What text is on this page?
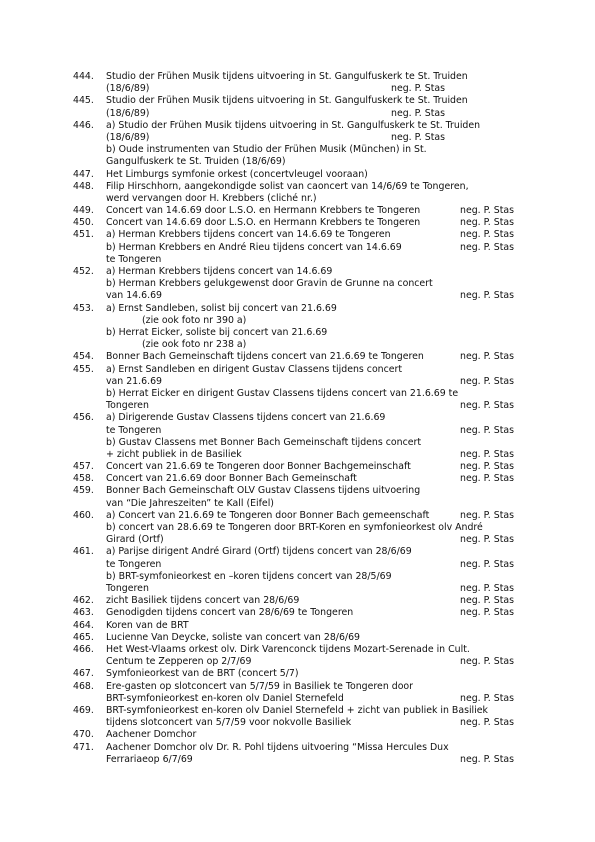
444.	Studio der Frühen Musik tijdens uitvoering in St. Gangulfuskerk te St. Truiden
(18/6/89)	neg. P. Stas
445.	Studio der Frühen Musik tijdens uitvoering in St. Gangulfuskerk te St. Truiden
(18/6/89)	neg. P. Stas
446.	a) Studio der Frühen Musik tijdens uitvoering in St. Gangulfuskerk te St. Truiden
(18/6/89)	neg. P. Stas
b) Oude instrumenten van Studio der Frühen Musik (München) in St.
Gangulfuskerk te St. Truiden (18/6/69)
447.	Het Limburgs symfonie orkest (concertvleugel vooraan)
448.	Filip Hirschhorn, aangekondigde solist van caoncert van 14/6/69 te Tongeren,
werd vervangen door H. Krebbers (cliché nr.)
449.	Concert van 14.6.69 door L.S.O. en Hermann Krebbers te Tongeren	neg. P. Stas
450.	Concert van 14.6.69 door L.S.O. en Hermann Krebbers te Tongeren	neg. P. Stas
451.	a) Herman Krebbers tijdens concert van 14.6.69 te Tongeren	neg. P. Stas
b) Herman Krebbers en André Rieu tijdens concert van 14.6.69	neg. P. Stas
te Tongeren
452.	a) Herman Krebbers tijdens concert van 14.6.69
b) Herman Krebbers gelukgewenst door Gravin de Grunne na concert
van 14.6.69	neg. P. Stas
453.	a) Ernst Sandleben, solist bij concert van 21.6.69
(zie ook foto nr 390 a)
b) Herrat Eicker, soliste bij concert van 21.6.69
(zie ook foto nr 238 a)
454.	Bonner Bach Gemeinschaft tijdens concert van 21.6.69 te Tongeren	neg. P. Stas
455.	a) Ernst Sandleben en dirigent Gustav Classens tijdens concert
van 21.6.69	neg. P. Stas
b) Herrat Eicker en dirigent Gustav Classens tijdens concert van 21.6.69 te
Tongeren	neg. P. Stas
456.	a) Dirigerende Gustav Classens tijdens concert van 21.6.69
te Tongeren	neg. P. Stas
b) Gustav Classens met Bonner Bach Gemeinschaft tijdens concert
+ zicht publiek in de Basiliek	neg. P. Stas
457.	Concert van 21.6.69 te Tongeren door Bonner Bachgemeinschaft	neg. P. Stas
458.	Concert van 21.6.69 door Bonner Bach Gemeinschaft	neg. P. Stas
459.	Bonner Bach Gemeinschaft OLV Gustav Classens tijdens uitvoering
van “Die Jahreszeiten” te Kall (Eifel)
460.	a) Concert van 21.6.69 te Tongeren door Bonner Bach gemeenschaft	neg. P. Stas
b) concert van 28.6.69 te Tongeren door BRT-Koren en symfonieorkest olv André
Girard (Ortf)	neg. P. Stas
461.	a) Parijse dirigent André Girard (Ortf) tijdens concert van 28/6/69
te Tongeren	neg. P. Stas
b) BRT-symfonieorkest en –koren tijdens concert van 28/5/69
Tongeren	neg. P. Stas
462.	zicht Basiliek tijdens concert van 28/6/69	neg. P. Stas
463.	Genodigden tijdens concert van 28/6/69 te Tongeren	neg. P. Stas
464.	Koren van de BRT
465.	Lucienne Van Deycke, soliste van concert van 28/6/69
466.	Het West-Vlaams orkest olv. Dirk Varenconck tijdens Mozart-Serenade in Cult.
Centum te Zepperen op 2/7/69	neg. P. Stas
467.	Symfonieorkest van de BRT (concert 5/7)
468.	Ere-gasten op slotconcert van 5/7/59 in Basiliek te Tongeren door
BRT-symfonieorkest en-koren olv Daniel Sternefeld	neg. P. Stas
469.	BRT-symfonieorkest en-koren olv Daniel Sternefeld + zicht van publiek in Basiliek
tijdens slotconcert van 5/7/59 voor nokvolle Basiliek	neg. P. Stas
470.	Aachener Domchor
471.	Aachener Domchor olv Dr. R. Pohl tijdens uitvoering “Missa Hercules Dux
Ferrariaeop 6/7/69	neg. P. Stas
